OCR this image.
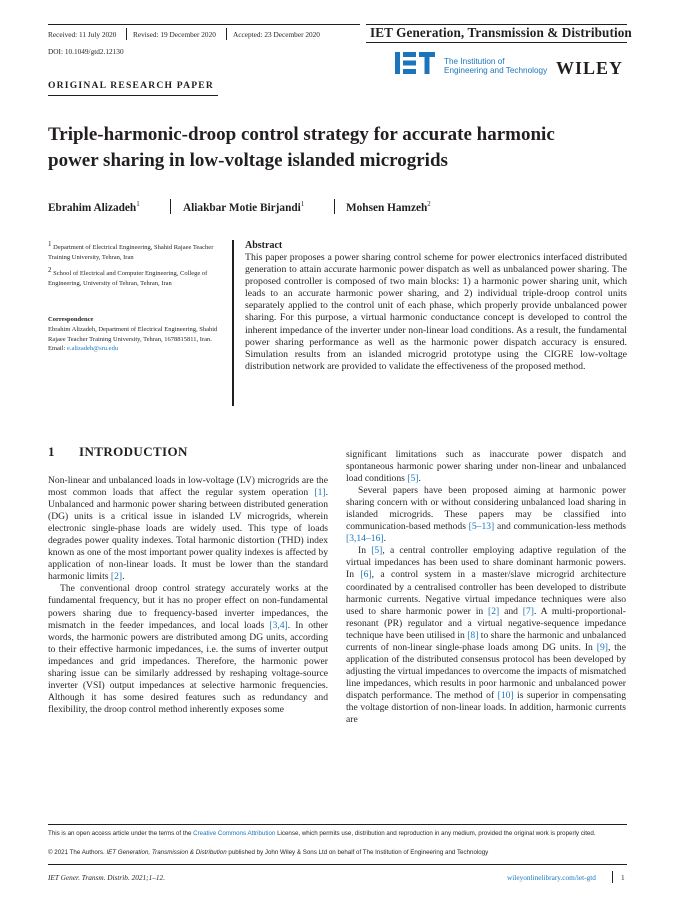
Received: 11 July 2020 Revised: 19 December 2020 Accepted: 23 December 2020	IET Generation, Transmission & Distribution
DOI: 10.1049/gtd2.12130
The Institution of
Engineering and Technology WILEY
ORIGINAL RESEARCH PAPER
Triple-harmonic-droop control strategy for accurate harmonic
power sharing in low-voltage islanded microgrids
Ebrahim Alizadeh$^1$	Aliakbar Motie Birjandi$^1$	Mohsen Hamzeh$^2$
$^1$ Department of Electrical Engineering, Shahid Rajaee Teacher Training University, Tehran, Iran
$^2$ School of Electrical and Computer Engineering, College of Engineering, University of Tehran, Tehran, Iran
Correspondence
Ebrahim Alizadeh, Department of Electrical Engineering, Shahid Rajaee Teacher Training University, Tehran, 1678815811, Iran.
Email: e.alizadeh@sru.edu
Abstract
This paper proposes a power sharing control scheme for power electronics interfaced distributed generation to attain accurate harmonic power dispatch as well as unbalanced power sharing. The proposed controller is composed of two main blocks: 1) a harmonic power sharing unit, which leads to an accurate harmonic power sharing, and 2) individual triple-droop control units separately applied to the control unit of each phase, which properly provide unbalanced power sharing. For this purpose, a virtual harmonic conductance concept is developed to control the inherent impedance of the inverter under non-linear load conditions. As a result, the fundamental power sharing performance as well as the harmonic power dispatch accuracy is ensured. Simulation results from an islanded microgrid prototype using the CIGRE low-voltage distribution network are provided to validate the effectiveness of the proposed method.
1 INTRODUCTION

Non-linear and unbalanced loads in low-voltage (LV) microgrids are the most common loads that affect the regular system operation [1]. Unbalanced and harmonic power sharing between distributed generation (DG) units is a critical issue in islanded LV microgrids, wherein electronic single-phase loads are widely used. This type of loads degrades power quality indexes. Total harmonic distortion (THD) index known as one of the most important power quality indexes is affected by application of non-linear loads. It must be lower than the standard harmonic limits [2].

The conventional droop control strategy accurately works at the fundamental frequency, but it has no proper effect on non-fundamental powers sharing due to frequency-based inverter impedances, the mismatch in the feeder impedances, and local loads [3,4]. In other words, the harmonic powers are distributed among DG units, according to their effective harmonic impedances, i.e. the sums of inverter output impedances and grid impedances. Therefore, the harmonic power sharing issue can be similarly addressed by reshaping voltage-source inverter (VSI) output impedances at selective harmonic frequencies. Although it has some desired features such as redundancy and flexibility, the droop control method inherently exposes some

significant limitations such as inaccurate power dispatch and spontaneous harmonic power sharing under non-linear and unbalanced load conditions [5].

Several papers have been proposed aiming at harmonic power sharing concern with or without considering unbalanced load sharing in islanded microgrids. These papers may be classified into communication-based methods [5–13] and communication-less methods [3,14–16].

In [5], a central controller employing adaptive regulation of the virtual impedances has been used to share dominant harmonic powers. In [6], a control system in a master/slave microgrid architecture coordinated by a centralised controller has been developed to distribute harmonic currents. Negative virtual impedance techniques were also used to share harmonic power in [2] and [7]. A multi-proportional-resonant (PR) regulator and a virtual negative-sequence impedance technique have been utilised in [8] to share the harmonic and unbalanced currents of non-linear single-phase loads among DG units. In [9], the application of the distributed consensus protocol has been developed by adjusting the virtual impedances to overcome the impacts of mismatched line impedances, which results in poor harmonic and unbalanced power dispatch performance. The method of [10] is superior in compensating the voltage distortion of non-linear loads. In addition, harmonic currents are

This is an open access article under the terms of the Creative Commons Attribution License, which permits use, distribution and reproduction in any medium, provided the original work is properly cited.
© 2021 The Authors. IET Generation, Transmission & Distribution published by John Wiley & Sons Ltd on behalf of The Institution of Engineering and Technology
IET Gener. Transm. Distrib. 2021;1–12.	wileyonlinelibrary.com/iet-gtd	1
